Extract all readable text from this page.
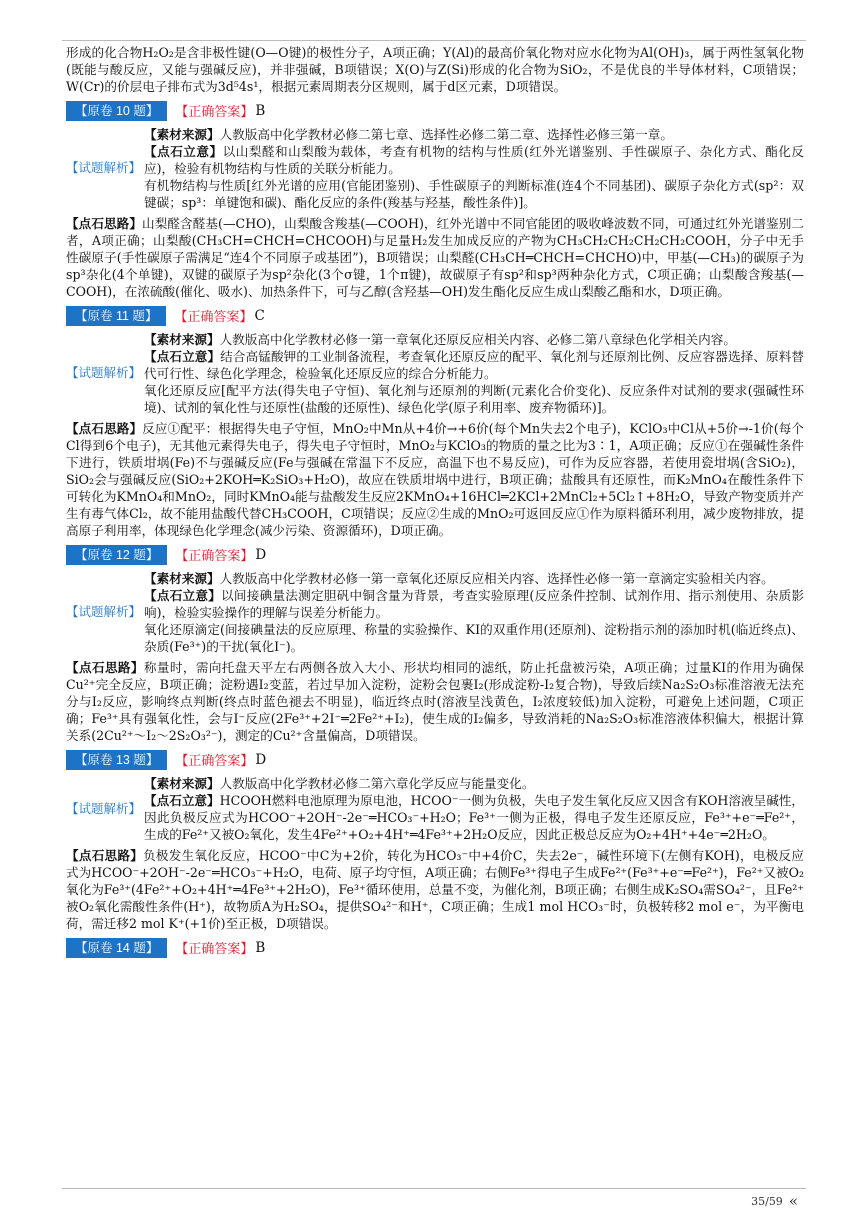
形成的化合物H₂O₂是含非极性键(O—O键)的极性分子，A项正确；Y(Al)的最高价氧化物对应水化物为Al(OH)₃，属于两性氢氧化物(既能与酸反应，又能与强碱反应)，并非强碱，B项错误；X(O)与Z(Si)形成的化合物为SiO₂，不是优良的半导体材料，C项错误；W(Cr)的价层电子排布式为3d⁵4s¹，根据元素周期表分区规则，属于d区元素，D项错误。

【原卷 10 题】	【正确答案】 B
【试题解析】

【素材来源】人教版高中化学教材必修二第七章、选择性必修二第二章、选择性必修三第一章。

【点石立意】以山梨醛和山梨酸为载体，考查有机物的结构与性质(红外光谱鉴别、手性碳原子、杂化方式、酯化反应)，检验有机物结构与性质的关联分析能力。

有机物结构与性质[红外光谱的应用(官能团鉴别)、手性碳原子的判断标准(连4个不同基团)、碳原子杂化方式(sp²：双键碳；sp³：单键饱和碳)、酯化反应的条件(羧基与羟基，酸性条件)]。

【点石思路】山梨醛含醛基(—CHO)，山梨酸含羧基(—COOH)，红外光谱中不同官能团的吸收峰波数不同，可通过红外光谱鉴别二者，A项正确；山梨酸(CH₃CH=CHCH=CHCOOH)与足量H₂发生加成反应的产物为CH₃CH₂CH₂CH₂CH₂COOH，分子中无手性碳原子(手性碳原子需满足“连4个不同原子或基团”)，B项错误；山梨醛(CH₃CH═CHCH=CHCHO)中，甲基(—CH₃)的碳原子为sp³杂化(4个单键)，双键的碳原子为sp²杂化(3个σ键，1个π键)，故碳原子有sp²和sp³两种杂化方式，C项正确；山梨酸含羧基(—COOH)，在浓硫酸(催化、吸水)、加热条件下，可与乙醇(含羟基—OH)发生酯化反应生成山梨酸乙酯和水，D项正确。

【原卷 11 题】	【正确答案】 C
【试题解析】

【素材来源】人教版高中化学教材必修一第一章氧化还原反应相关内容、必修二第八章绿色化学相关内容。

【点石立意】结合高锰酸钾的工业制备流程，考查氧化还原反应的配平、氧化剂与还原剂比例、反应容器选择、原料替代可行性、绿色化学理念，检验氧化还原反应的综合分析能力。

氧化还原反应[配平方法(得失电子守恒)、氧化剂与还原剂的判断(元素化合价变化)、反应条件对试剂的要求(强碱性环境)、试剂的氧化性与还原性(盐酸的还原性)、绿色化学(原子利用率、废弃物循环)]。

【点石思路】反应①配平：根据得失电子守恒，MnO₂中Mn从+4价→+6价(每个Mn失去2个电子)，KClO₃中Cl从+5价→-1价(每个Cl得到6个电子)，无其他元素得失电子，得失电子守恒时，MnO₂与KClO₃的物质的量之比为3∶1，A项正确；反应①在强碱性条件下进行，铁质坩埚(Fe)不与强碱反应(Fe与强碱在常温下不反应，高温下也不易反应)，可作为反应容器，若使用瓷坩埚(含SiO₂)，SiO₂会与强碱反应(SiO₂+2KOH═K₂SiO₃+H₂O)，故应在铁质坩埚中进行，B项正确；盐酸具有还原性，而K₂MnO₄在酸性条件下可转化为KMnO₄和MnO₂，同时KMnO₄能与盐酸发生反应2KMnO₄+16HCl═2KCl+2MnCl₂+5Cl₂↑+8H₂O，导致产物变质并产生有毒气体Cl₂，故不能用盐酸代替CH₃COOH，C项错误；反应②生成的MnO₂可返回反应①作为原料循环利用，减少废物排放，提高原子利用率，体现绿色化学理念(减少污染、资源循环)，D项正确。

【原卷 12 题】	【正确答案】 D
【试题解析】

【素材来源】人教版高中化学教材必修一第一章氧化还原反应相关内容、选择性必修一第一章滴定实验相关内容。

【点石立意】以间接碘量法测定胆矾中铜含量为背景，考查实验原理(反应条件控制、试剂作用、指示剂使用、杂质影响)，检验实验操作的理解与误差分析能力。

氧化还原滴定(间接碘量法的反应原理、称量的实验操作、KI的双重作用(还原剂)、淀粉指示剂的添加时机(临近终点)、杂质(Fe³⁺)的干扰(氧化I⁻)。

【点石思路】称量时，需向托盘天平左右两侧各放入大小、形状均相同的滤纸，防止托盘被污染，A项正确；过量KI的作用为确保Cu²⁺完全反应，B项正确；淀粉遇I₂变蓝，若过早加入淀粉，淀粉会包裹I₂(形成淀粉-I₂复合物)，导致后续Na₂S₂O₃标准溶液无法充分与I₂反应，影响终点判断(终点时蓝色褪去不明显)，临近终点时(溶液呈浅黄色，I₂浓度较低)加入淀粉，可避免上述问题，C项正确；Fe³⁺具有强氧化性，会与I⁻反应(2Fe³⁺+2I⁻═2Fe²⁺+I₂)，使生成的I₂偏多，导致消耗的Na₂S₂O₃标准溶液体积偏大，根据计算关系(2Cu²⁺～I₂～2S₂O₃²⁻)，测定的Cu²⁺含量偏高，D项错误。

【原卷 13 题】	【正确答案】 D
【试题解析】

【素材来源】人教版高中化学教材必修二第六章化学反应与能量变化。

【点石立意】HCOOH燃料电池原理为原电池，HCOO⁻一侧为负极，失电子发生氧化反应又因含有KOH溶液呈碱性，因此负极反应式为HCOO⁻+2OH⁻-2e⁻═HCO₃⁻+H₂O；Fe³⁺一侧为正极，得电子发生还原反应，Fe³⁺+e⁻═Fe²⁺，生成的Fe²⁺又被O₂氧化，发生4Fe²⁺+O₂+4H⁺═4Fe³⁺+2H₂O反应，因此正极总反应为O₂+4H⁺+4e⁻═2H₂O。

【点石思路】负极发生氧化反应，HCOO⁻中C为+2价，转化为HCO₃⁻中+4价C，失去2e⁻，碱性环境下(左侧有KOH)，电极反应式为HCOO⁻+2OH⁻-2e⁻═HCO₃⁻+H₂O，电荷、原子均守恒，A项正确；右侧Fe³⁺得电子生成Fe²⁺(Fe³⁺+e⁻═Fe²⁺)，Fe²⁺又被O₂氧化为Fe³⁺(4Fe²⁺+O₂+4H⁺═4Fe³⁺+2H₂O)，Fe³⁺循环使用，总量不变，为催化剂，B项正确；右侧生成K₂SO₄需SO₄²⁻，且Fe²⁺被O₂氧化需酸性条件(H⁺)，故物质A为H₂SO₄，提供SO₄²⁻和H⁺，C项正确；生成1 mol HCO₃⁻时，负极转移2 mol e⁻，为平衡电荷，需迁移2 mol K⁺(+1价)至正极，D项错误。

【原卷 14 题】	【正确答案】 B
35/59 «
